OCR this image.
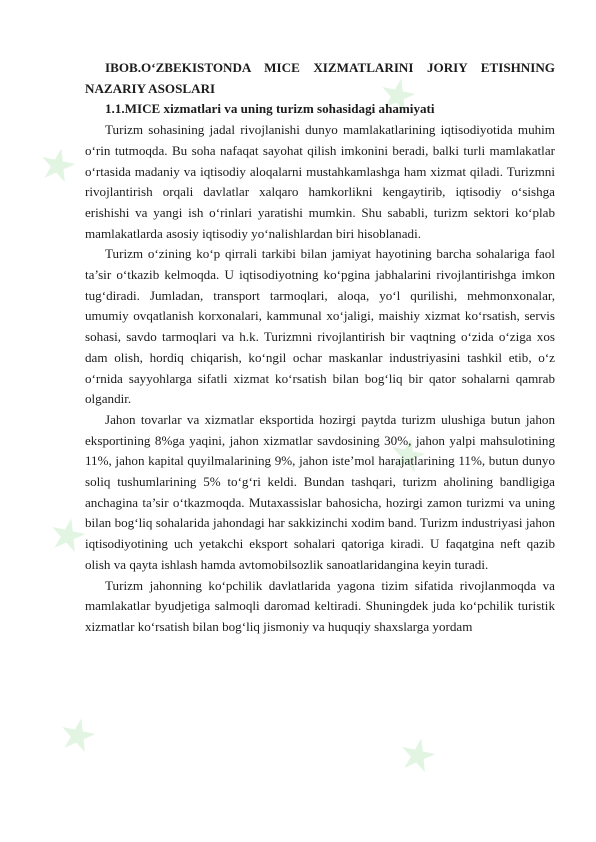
★
★
★
★
★
★

IBOB.O‘ZBEKISTONDA MICE XIZMATLARINI JORIY ETISHNING NAZARIY ASOSLARI

1.1.MICE xizmatlari va uning turizm sohasidagi ahamiyati

Turizm sohasining jadal rivojlanishi dunyo mamlakatlarining iqtisodiyotida muhim o‘rin tutmoqda. Bu soha nafaqat sayohat qilish imkonini beradi, balki turli mamlakatlar o‘rtasida madaniy va iqtisodiy aloqalarni mustahkamlashga ham xizmat qiladi. Turizmni rivojlantirish orqali davlatlar xalqaro hamkorlikni kengaytirib, iqtisodiy o‘sishga erishishi va yangi ish o‘rinlari yaratishi mumkin. Shu sababli, turizm sektori ko‘plab mamlakatlarda asosiy iqtisodiy yo‘nalishlardan biri hisoblanadi.

Turizm o‘zining ko‘p qirrali tarkibi bilan jamiyat hayotining barcha sohalariga faol ta’sir o‘tkazib kelmoqda. U iqtisodiyotning ko‘pgina jabhalarini rivojlantirishga imkon tug‘diradi. Jumladan, transport tarmoqlari, aloqa, yo‘l qurilishi, mehmonxonalar, umumiy ovqatlanish korxonalari, kammunal xo‘jaligi, maishiy xizmat ko‘rsatish, servis sohasi, savdo tarmoqlari va h.k. Turizmni rivojlantirish bir vaqtning o‘zida o‘ziga xos dam olish, hordiq chiqarish, ko‘ngil ochar maskanlar industriyasini tashkil etib, o‘z o‘rnida sayyohlarga sifatli xizmat ko‘rsatish bilan bog‘liq bir qator sohalarni qamrab olgandir.

Jahon tovarlar va xizmatlar eksportida hozirgi paytda turizm ulushiga butun jahon eksportining 8%ga yaqini, jahon xizmatlar savdosining 30%, jahon yalpi mahsulotining 11%, jahon kapital quyilmalarining 9%, jahon iste’mol harajatlarining 11%, butun dunyo soliq tushumlarining 5% to‘g‘ri keldi. Bundan tashqari, turizm aholining bandligiga anchagina ta’sir o‘tkazmoqda. Mutaxassislar bahosicha, hozirgi zamon turizmi va uning bilan bog‘liq sohalarida jahondagi har sakkizinchi xodim band. Turizm industriyasi jahon iqtisodiyotining uch yetakchi eksport sohalari qatoriga kiradi. U faqatgina neft qazib olish va qayta ishlash hamda avtomobilsozlik sanoatlaridangina keyin turadi.

Turizm jahonning ko‘pchilik davlatlarida yagona tizim sifatida rivojlanmoqda va mamlakatlar byudjetiga salmoqli daromad keltiradi. Shuningdek juda ko‘pchilik turistik xizmatlar ko‘rsatish bilan bog‘liq jismoniy va huquqiy shaxslarga yordam
